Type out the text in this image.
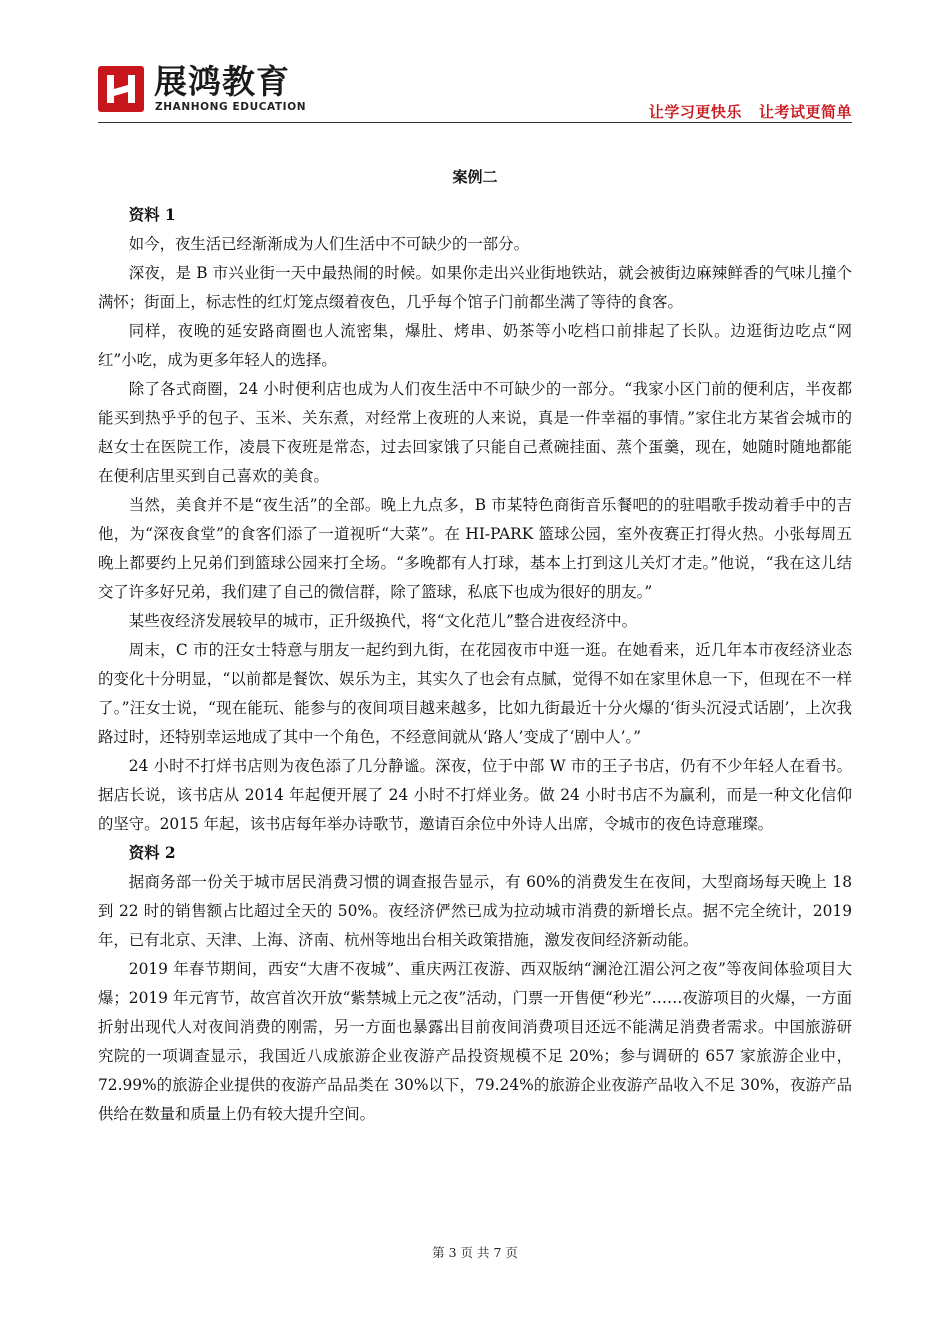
展鸿教育
ZHANHONG EDUCATION	让学习更快乐   让考试更简单
案例二
资料 1

如今，夜生活已经渐渐成为人们生活中不可缺少的一部分。

深夜，是 B 市兴业街一天中最热闹的时候。如果你走出兴业街地铁站，就会被街边麻辣鲜香的气味儿撞个满怀；街面上，标志性的红灯笼点缀着夜色，几乎每个馆子门前都坐满了等待的食客。

同样，夜晚的延安路商圈也人流密集，爆肚、烤串、奶茶等小吃档口前排起了长队。边逛街边吃点“网红”小吃，成为更多年轻人的选择。

除了各式商圈，24 小时便利店也成为人们夜生活中不可缺少的一部分。“我家小区门前的便利店，半夜都能买到热乎乎的包子、玉米、关东煮，对经常上夜班的人来说，真是一件幸福的事情。”家住北方某省会城市的赵女士在医院工作，凌晨下夜班是常态，过去回家饿了只能自己煮碗挂面、蒸个蛋羹，现在，她随时随地都能在便利店里买到自己喜欢的美食。

当然，美食并不是“夜生活”的全部。晚上九点多，B 市某特色商街音乐餐吧的的驻唱歌手拨动着手中的吉他，为“深夜食堂”的食客们添了一道视听“大菜”。在 HI-PARK 篮球公园，室外夜赛正打得火热。小张每周五晚上都要约上兄弟们到篮球公园来打全场。“多晚都有人打球，基本上打到这儿关灯才走。”他说，“我在这儿结交了许多好兄弟，我们建了自己的微信群，除了篮球，私底下也成为很好的朋友。”

某些夜经济发展较早的城市，正升级换代，将“文化范儿”整合进夜经济中。

周末，C 市的汪女士特意与朋友一起约到九街，在花园夜市中逛一逛。在她看来，近几年本市夜经济业态的变化十分明显，“以前都是餐饮、娱乐为主，其实久了也会有点腻，觉得不如在家里休息一下，但现在不一样了。”汪女士说，“现在能玩、能参与的夜间项目越来越多，比如九街最近十分火爆的‘街头沉浸式话剧’，上次我路过时，还特别幸运地成了其中一个角色，不经意间就从‘路人’变成了‘剧中人’。”

24 小时不打烊书店则为夜色添了几分静谧。深夜，位于中部 W 市的王子书店，仍有不少年轻人在看书。据店长说，该书店从 2014 年起便开展了 24 小时不打烊业务。做 24 小时书店不为赢利，而是一种文化信仰的坚守。2015 年起，该书店每年举办诗歌节，邀请百余位中外诗人出席，令城市的夜色诗意璀璨。

资料 2

据商务部一份关于城市居民消费习惯的调查报告显示，有 60%的消费发生在夜间，大型商场每天晚上 18 到 22 时的销售额占比超过全天的 50%。夜经济俨然已成为拉动城市消费的新增长点。据不完全统计，2019 年，已有北京、天津、上海、济南、杭州等地出台相关政策措施，激发夜间经济新动能。

2019 年春节期间，西安“大唐不夜城”、重庆两江夜游、西双版纳“澜沧江湄公河之夜”等夜间体验项目大爆；2019 年元宵节，故宫首次开放“紫禁城上元之夜”活动，门票一开售便“秒光”……夜游项目的火爆，一方面折射出现代人对夜间消费的刚需，另一方面也暴露出目前夜间消费项目还远不能满足消费者需求。中国旅游研究院的一项调查显示，我国近八成旅游企业夜游产品投资规模不足 20%；参与调研的 657 家旅游企业中，72.99%的旅游企业提供的夜游产品品类在 30%以下，79.24%的旅游企业夜游产品收入不足 30%，夜游产品供给在数量和质量上仍有较大提升空间。

第 3 页 共 7 页
